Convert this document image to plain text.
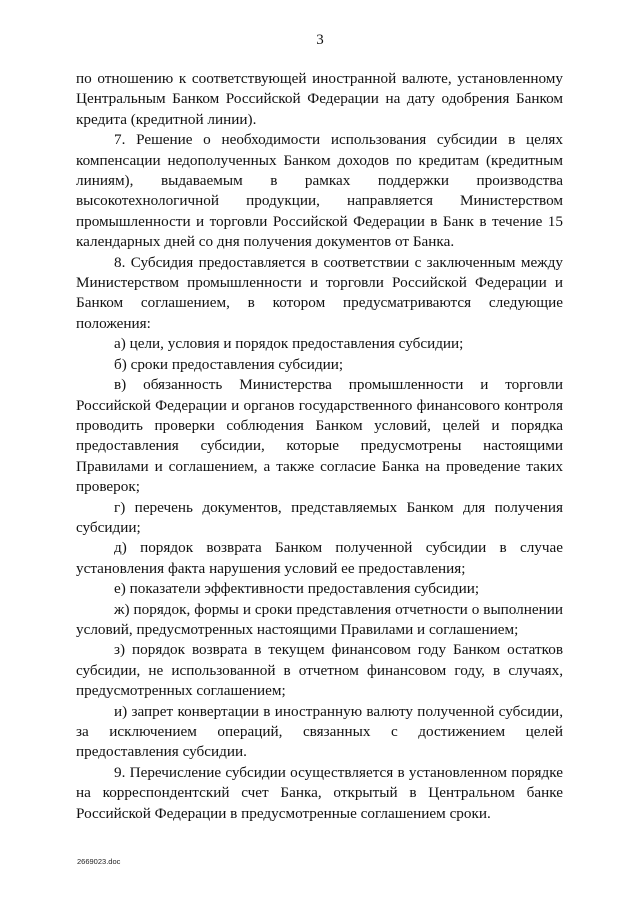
3

по отношению к соответствующей иностранной валюте, установленному Центральным Банком Российской Федерации на дату одобрения Банком кредита (кредитной линии).

7. Решение о необходимости использования субсидии в целях компенсации недополученных Банком доходов по кредитам (кредитным линиям), выдаваемым в рамках поддержки производства высокотехнологичной продукции, направляется Министерством промышленности и торговли Российской Федерации в Банк в течение 15 календарных дней со дня получения документов от Банка.

8. Субсидия предоставляется в соответствии с заключенным между Министерством промышленности и торговли Российской Федерации и Банком соглашением, в котором предусматриваются следующие положения:

а) цели, условия и порядок предоставления субсидии;

б) сроки предоставления субсидии;

в) обязанность Министерства промышленности и торговли Российской Федерации и органов государственного финансового контроля проводить проверки соблюдения Банком условий, целей и порядка предоставления субсидии, которые предусмотрены настоящими Правилами и соглашением, а также согласие Банка на проведение таких проверок;

г) перечень документов, представляемых Банком для получения субсидии;

д) порядок возврата Банком полученной субсидии в случае установления факта нарушения условий ее предоставления;

е) показатели эффективности предоставления субсидии;

ж) порядок, формы и сроки представления отчетности о выполнении условий, предусмотренных настоящими Правилами и соглашением;

з) порядок возврата в текущем финансовом году Банком остатков субсидии, не использованной в отчетном финансовом году, в случаях, предусмотренных соглашением;

и) запрет конвертации в иностранную валюту полученной субсидии, за исключением операций, связанных с достижением целей предоставления субсидии.

9. Перечисление субсидии осуществляется в установленном порядке на корреспондентский счет Банка, открытый в Центральном банке Российской Федерации в предусмотренные соглашением сроки.

2669023.doc
